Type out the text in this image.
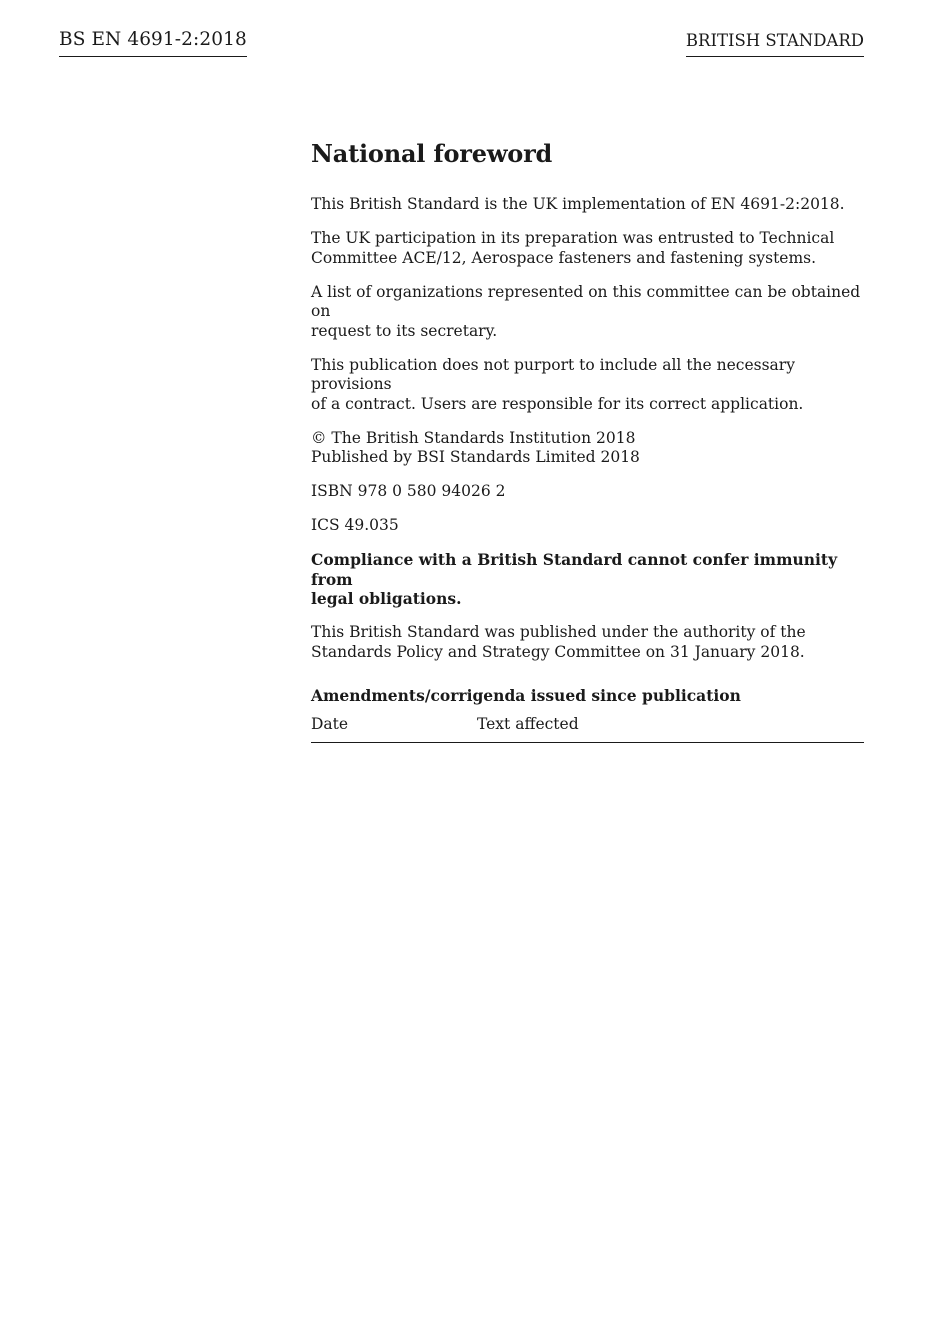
BS EN 4691-2:2018	BRITISH STANDARD
National foreword

This British Standard is the UK implementation of EN 4691-2:2018.

The UK participation in its preparation was entrusted to Technical
Committee ACE/12, Aerospace fasteners and fastening systems.

A list of organizations represented on this committee can be obtained on
request to its secretary.

This publication does not purport to include all the necessary provisions
of a contract. Users are responsible for its correct application.

© The British Standards Institution 2018
Published by BSI Standards Limited 2018

ISBN 978 0 580 94026 2

ICS 49.035

Compliance with a British Standard cannot confer immunity from
legal obligations.

This British Standard was published under the authority of the
Standards Policy and Strategy Committee on 31 January 2018.

Amendments/corrigenda issued since publication
Date	Text affected
